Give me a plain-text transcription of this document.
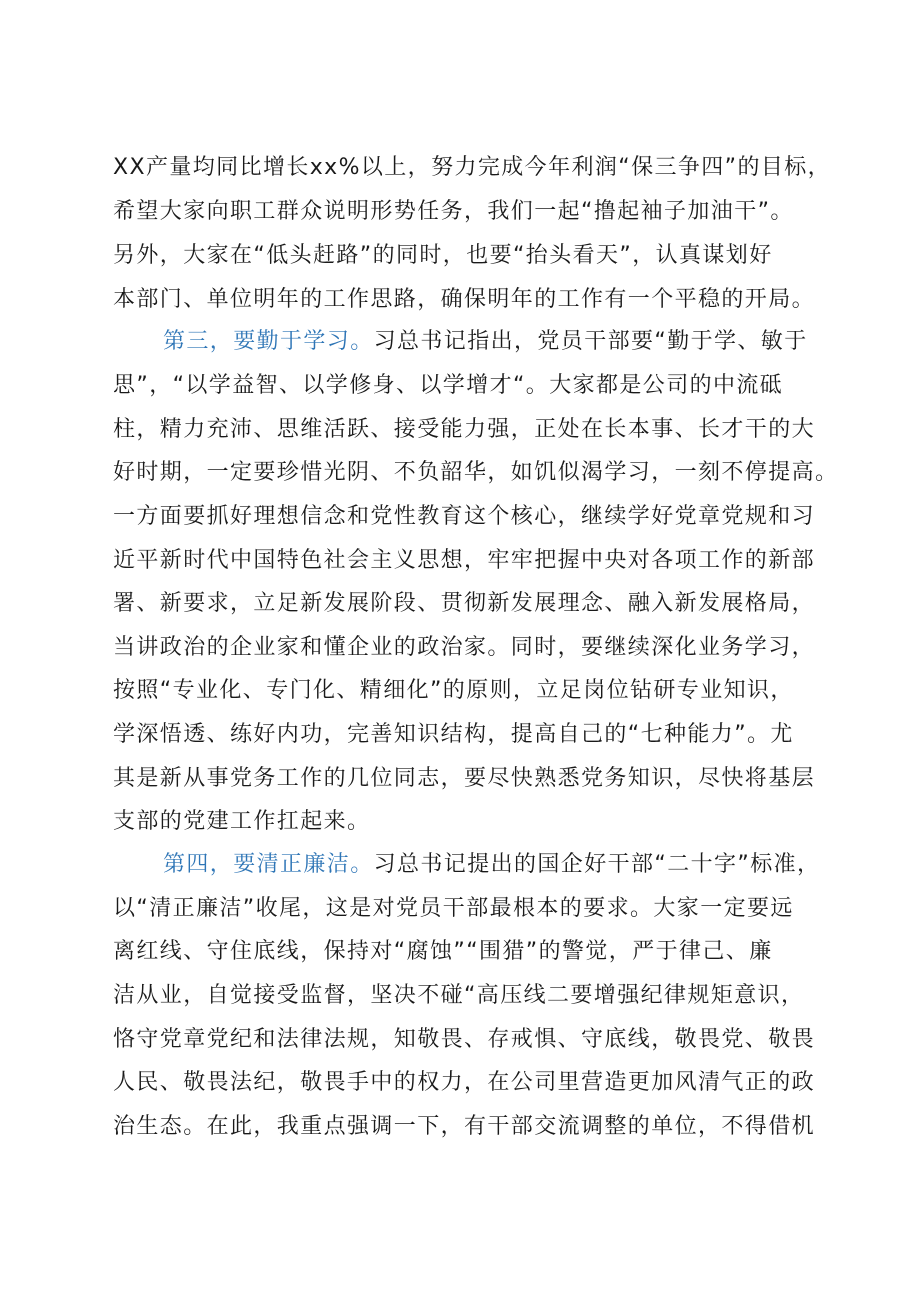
XX产量均同比增长xx%以上，努力完成今年利润“保三争四”的目标，
希望大家向职工群众说明形势任务，我们一起“撸起袖子加油干”。
另外，大家在“低头赶路”的同时，也要“抬头看天”，认真谋划好
本部门、单位明年的工作思路，确保明年的工作有一个平稳的开局。
第三，要勤于学习。习总书记指出，党员干部要“勤于学、敏于
思”，“以学益智、以学修身、以学增才“。大家都是公司的中流砥
柱，精力充沛、思维活跃、接受能力强，正处在长本事、长才干的大
好时期，一定要珍惜光阴、不负韶华，如饥似渴学习，一刻不停提高。
一方面要抓好理想信念和党性教育这个核心，继续学好党章党规和习
近平新时代中国特色社会主义思想，牢牢把握中央对各项工作的新部
署、新要求，立足新发展阶段、贯彻新发展理念、融入新发展格局，
当讲政治的企业家和懂企业的政治家。同时，要继续深化业务学习，
按照“专业化、专门化、精细化”的原则，立足岗位钻研专业知识，
学深悟透、练好内功，完善知识结构，提高自己的“七种能力”。尤
其是新从事党务工作的几位同志，要尽快熟悉党务知识，尽快将基层
支部的党建工作扛起来。
第四，要清正廉洁。习总书记提出的国企好干部“二十字”标准，
以“清正廉洁”收尾，这是对党员干部最根本的要求。大家一定要远
离红线、守住底线，保持对“腐蚀”“围猎”的警觉，严于律己、廉
洁从业，自觉接受监督，坚决不碰“高压线二要增强纪律规矩意识，
恪守党章党纪和法律法规，知敬畏、存戒惧、守底线，敬畏党、敬畏
人民、敬畏法纪，敬畏手中的权力，在公司里营造更加风清气正的政
治生态。在此，我重点强调一下，有干部交流调整的单位，不得借机
